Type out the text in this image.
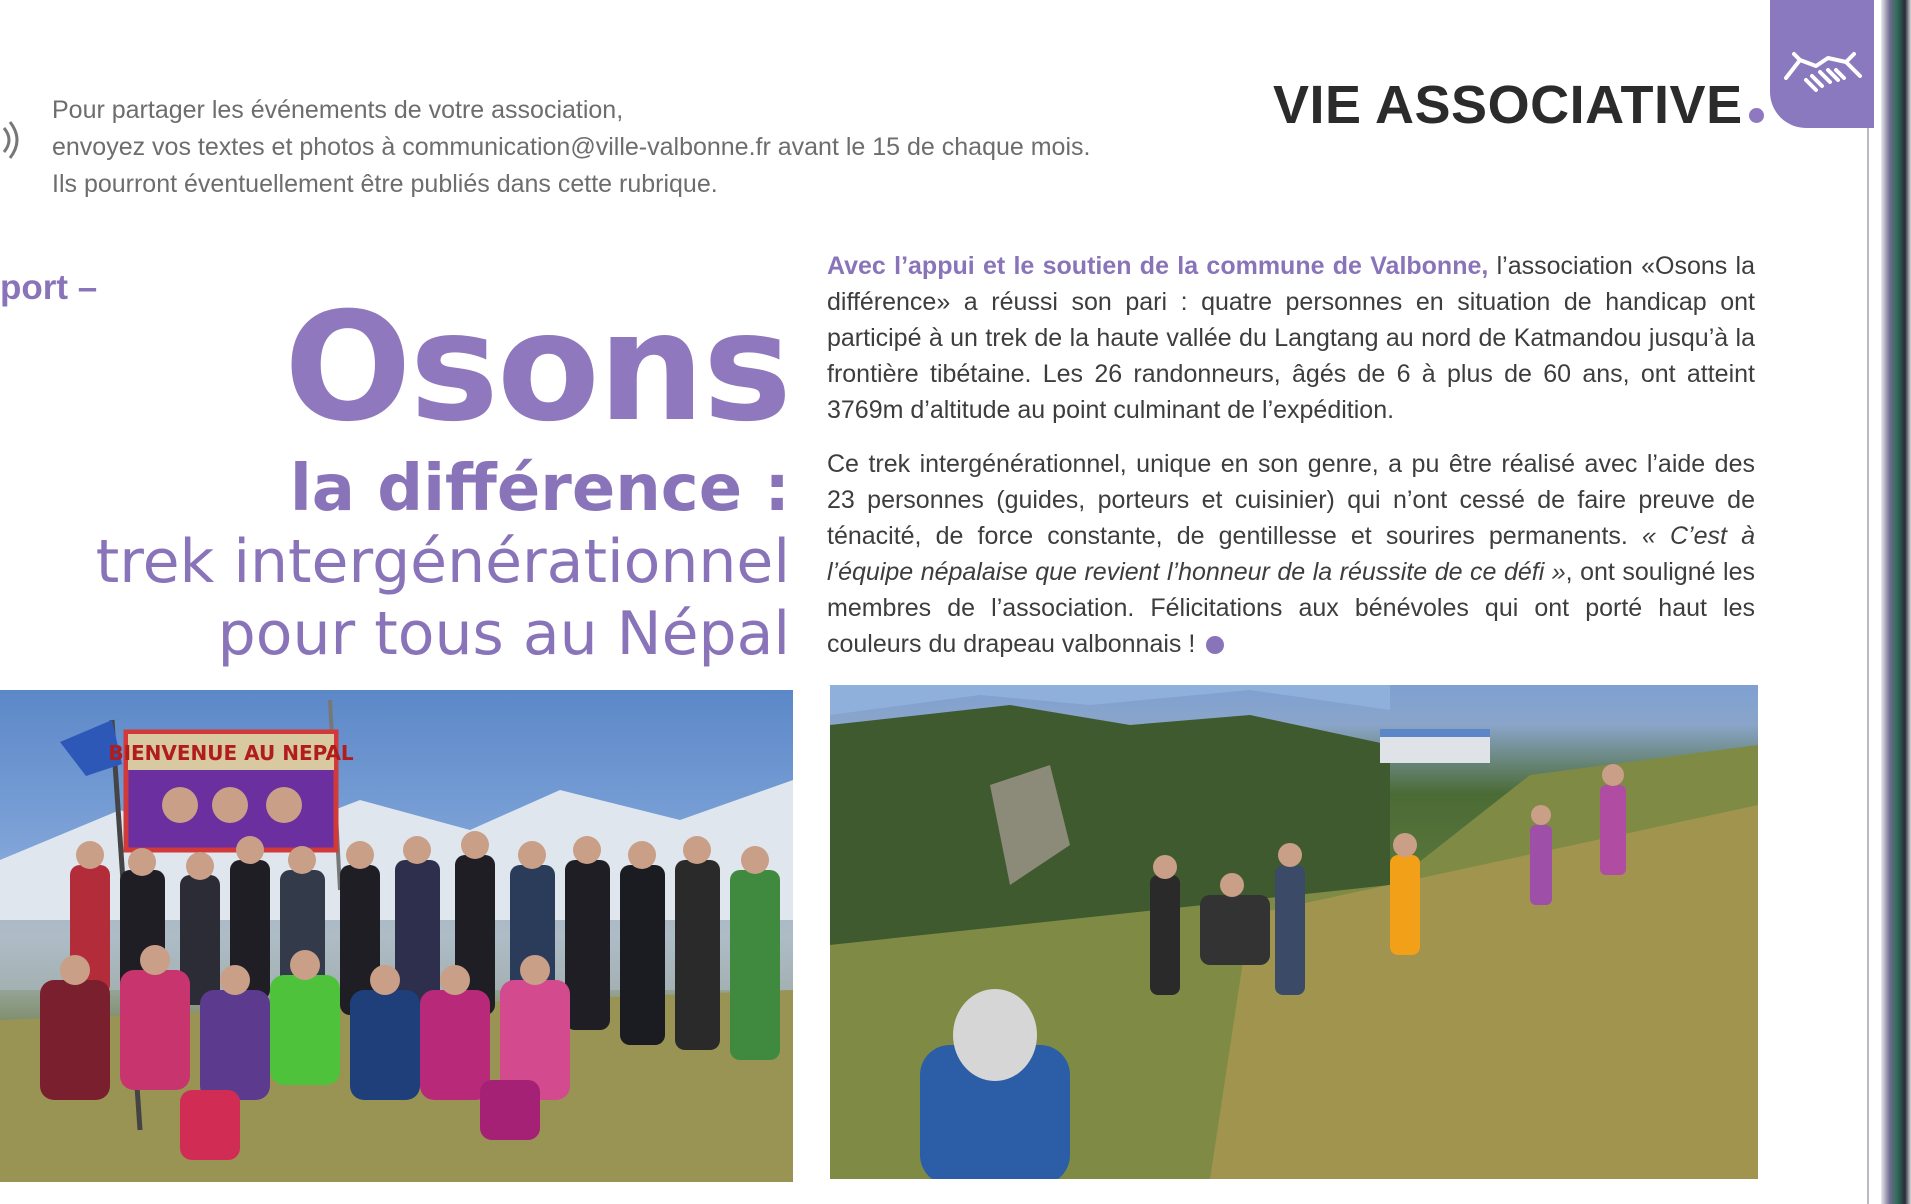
Pour partager les événements de votre association,
envoyez vos textes et photos à communication@ville-valbonne.fr avant le 15 de chaque mois.
Ils pourront éventuellement être publiés dans cette rubrique.
VIE ASSOCIATIVE
port –	Osons
la différence :
trek intergénérationnel
pour tous au Népal

Avec l’appui et le soutien de la commune de Valbonne, l’association «Osons la différence» a réussi son pari : quatre personnes en situation de handicap ont participé à un trek de la haute vallée du Langtang au nord de Katmandou jusqu’à la frontière tibétaine. Les 26 randonneurs, âgés de 6 à plus de 60 ans, ont atteint 3769m d’altitude au point culminant de l’expédition.

Ce trek intergénérationnel, unique en son genre, a pu être réalisé avec l’aide des 23 personnes (guides, porteurs et cuisinier) qui n’ont cessé de faire preuve de ténacité, de force constante, de gentillesse et sourires permanents. « C’est à l’équipe népalaise que revient l’honneur de la réussite de ce défi », ont souligné les membres de l’association. Félicitations aux bénévoles qui ont porté haut les couleurs du drapeau valbonnais !

BIENVENUE AU NEPAL
